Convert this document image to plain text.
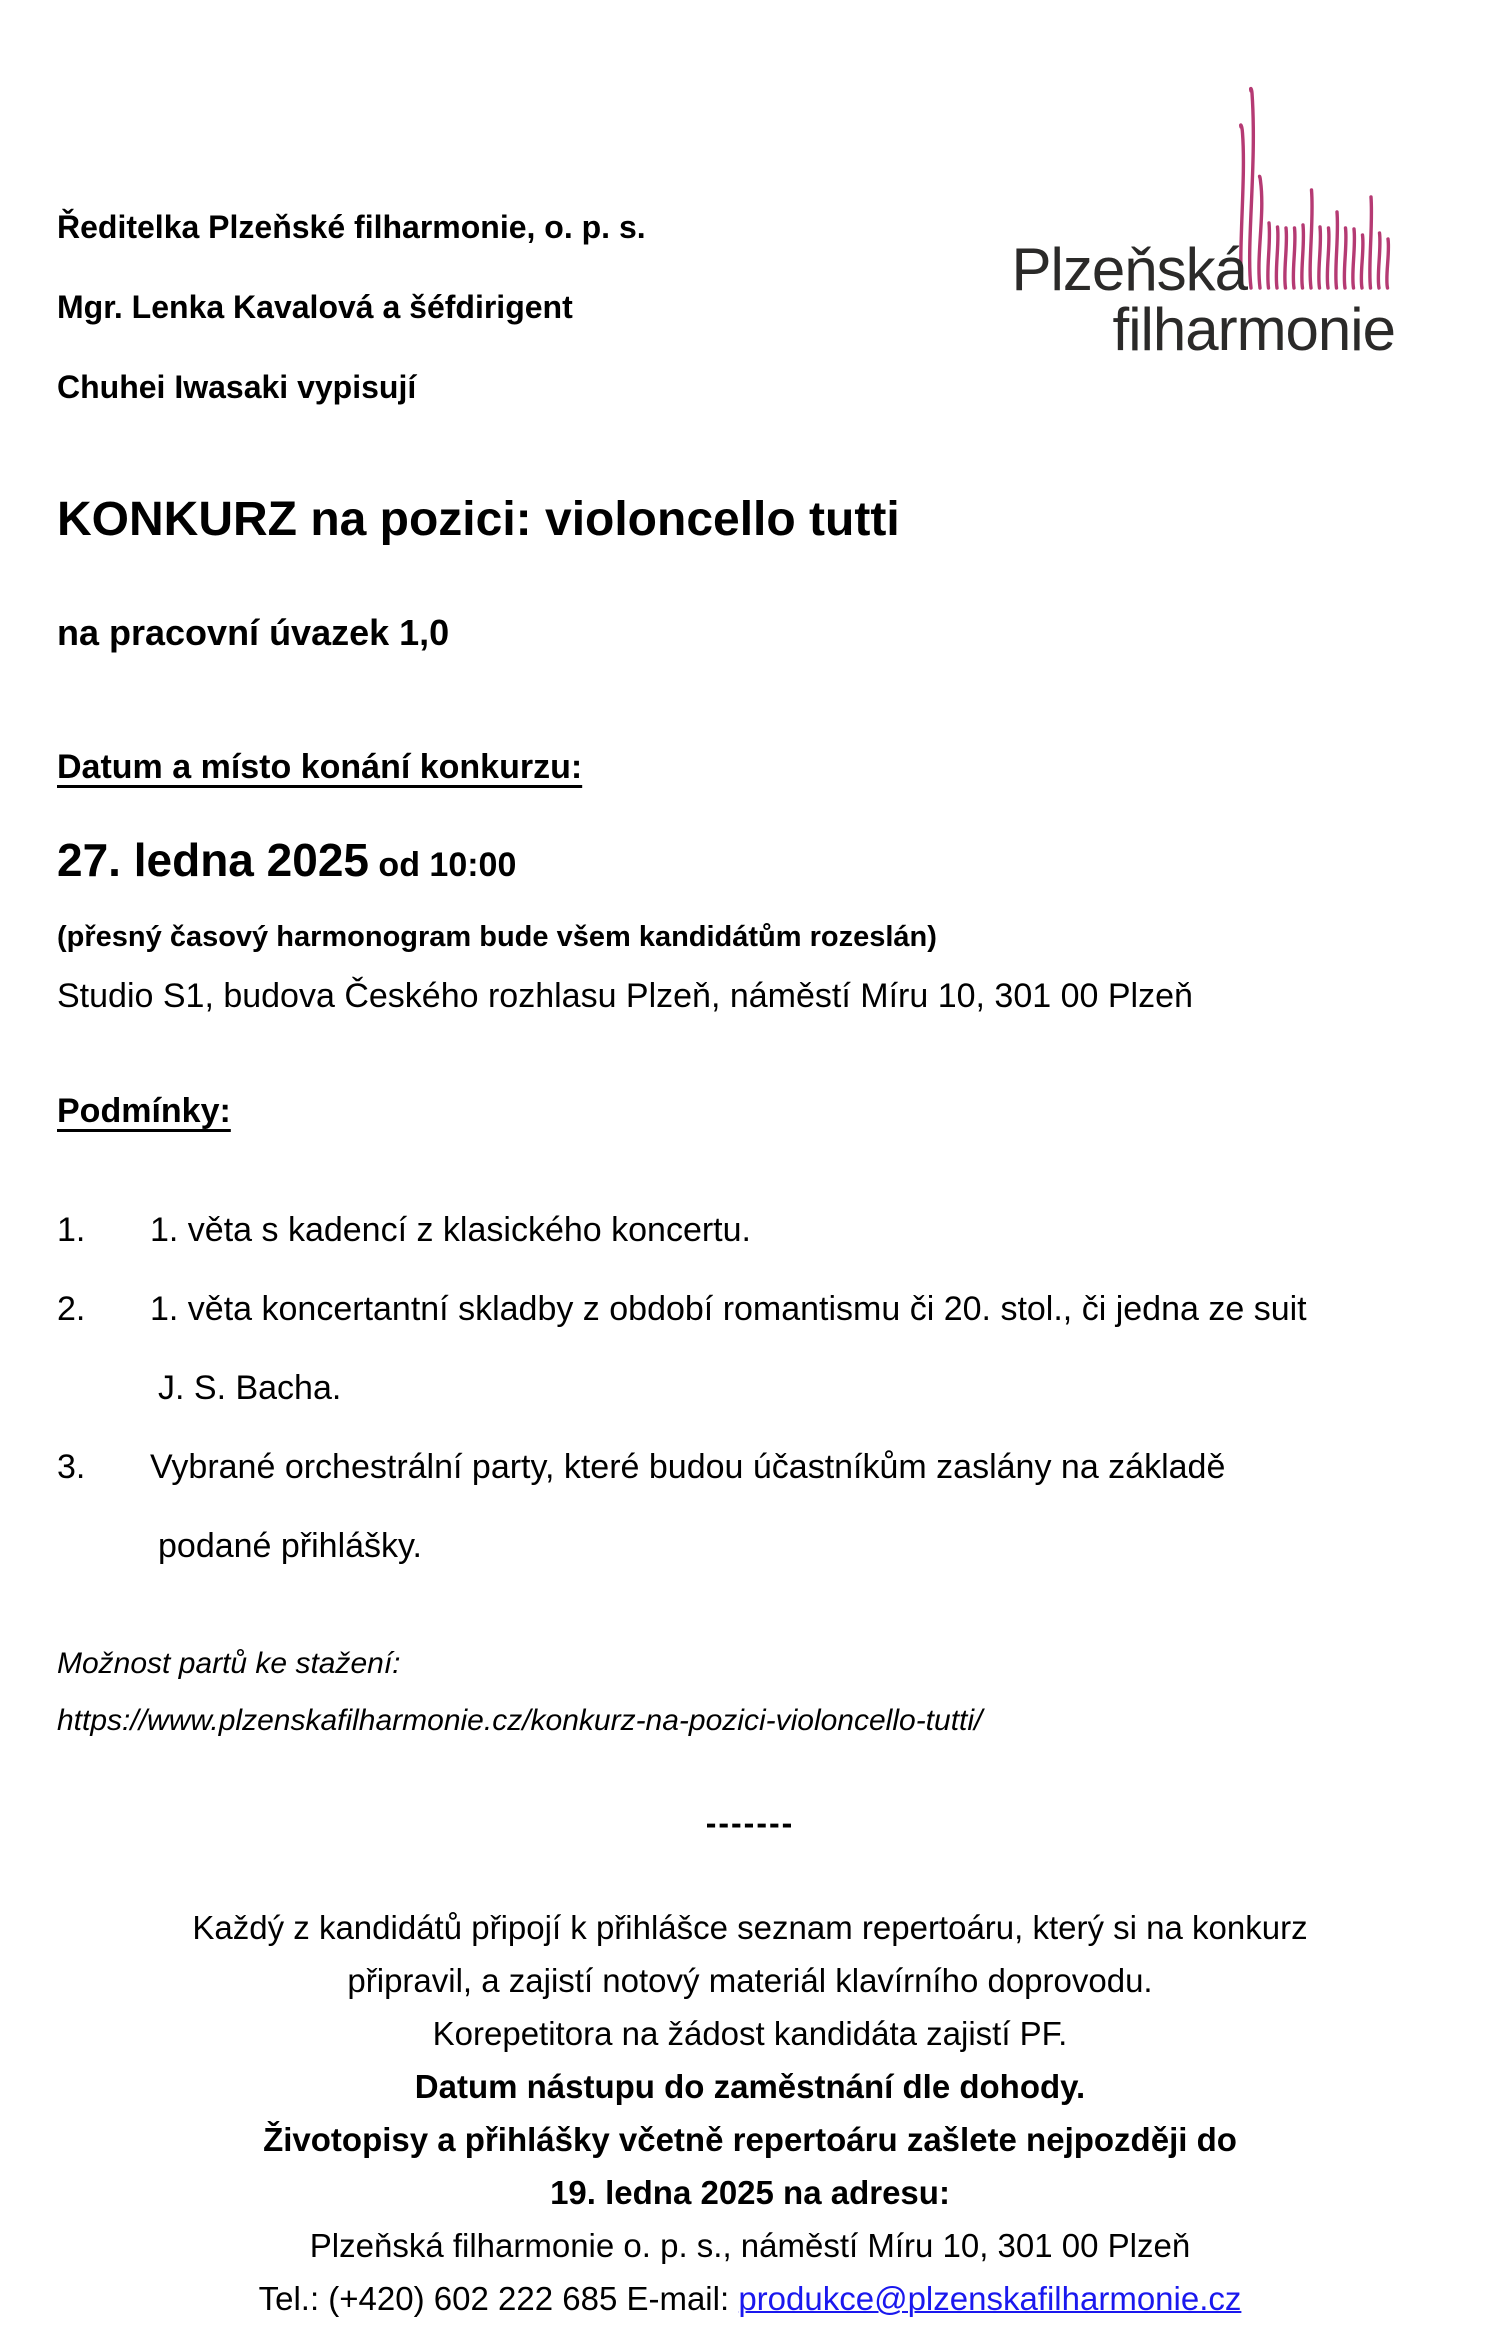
Ředitelka Plzeňské filharmonie, o. p. s.
Mgr. Lenka Kavalová a šéfdirigent
Chuhei Iwasaki vypisují
Plzeňská
filharmonie
KONKURZ na pozici: violoncello tutti
na pracovní úvazek 1,0
Datum a místo konání konkurzu:
27. ledna 2025 od 10:00
(přesný časový harmonogram bude všem kandidátům rozeslán)
Studio S1, budova Českého rozhlasu Plzeň, náměstí Míru 10, 301 00 Plzeň
Podmínky:
1.	1. věta s kadencí z klasického koncertu.
2.	1. věta koncertantní skladby z období romantismu či 20. stol., či jedna ze suit
J. S. Bacha.
3.	Vybrané orchestrální party, které budou účastníkům zaslány na základě
podané přihlášky.
Možnost partů ke stažení:
https://www.plzenskafilharmonie.cz/konkurz-na-pozici-violoncello-tutti/
-------
Každý z kandidátů připojí k přihlášce seznam repertoáru, který si na konkurz
připravil, a zajistí notový materiál klavírního doprovodu.
Korepetitora na žádost kandidáta zajistí PF.
Datum nástupu do zaměstnání dle dohody.
Životopisy a přihlášky včetně repertoáru zašlete nejpozději do
19. ledna 2025 na adresu:
Plzeňská filharmonie o. p. s., náměstí Míru 10, 301 00 Plzeň
Tel.: (+420) 602 222 685 E-mail: produkce@plzenskafilharmonie.cz
